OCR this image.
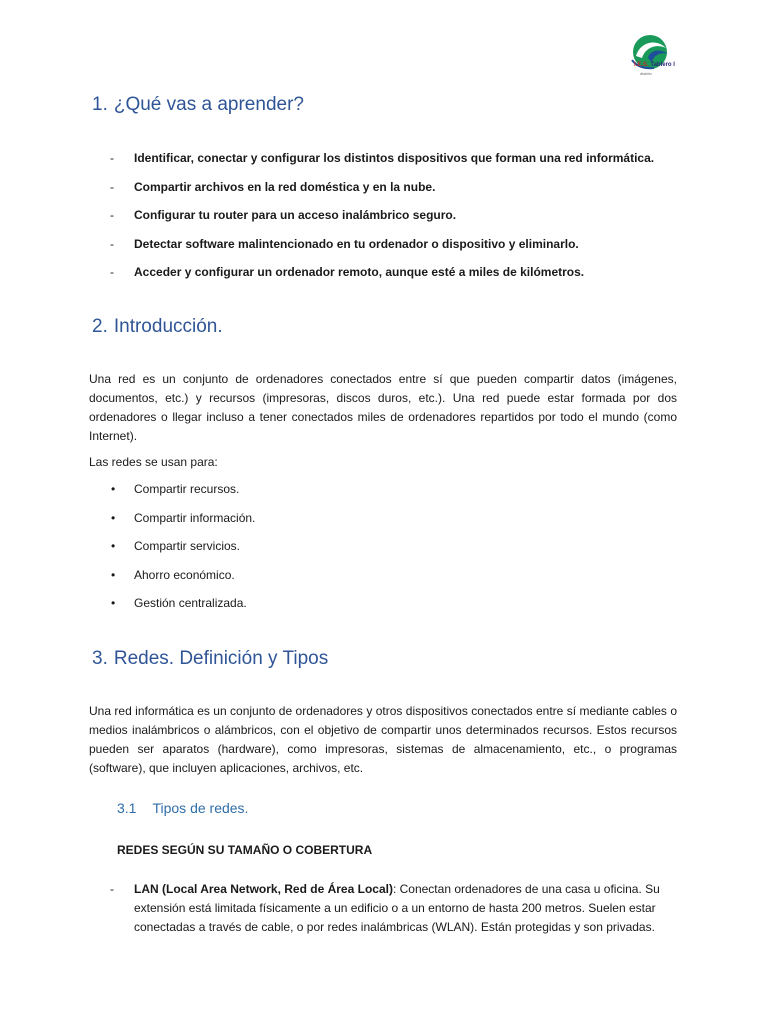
I.E.S. Tablero I
distrito
1. ¿Qué vas a aprender?
- Identificar, conectar y configurar los distintos dispositivos que forman una red informática.
- Compartir archivos en la red doméstica y en la nube.
- Configurar tu router para un acceso inalámbrico seguro.
- Detectar software malintencionado en tu ordenador o dispositivo y eliminarlo.
- Acceder y configurar un ordenador remoto, aunque esté a miles de kilómetros.
2. Introducción.

Una red es un conjunto de ordenadores conectados entre sí que pueden compartir datos (imágenes, documentos, etc.) y recursos (impresoras, discos duros, etc.). Una red puede estar formada por dos ordenadores o llegar incluso a tener conectados miles de ordenadores repartidos por todo el mundo (como Internet).

Las redes se usan para:
• Compartir recursos.
• Compartir información.
• Compartir servicios.
• Ahorro económico.
• Gestión centralizada.
3. Redes. Definición y Tipos

Una red informática es un conjunto de ordenadores y otros dispositivos conectados entre sí mediante cables o medios inalámbricos o alámbricos, con el objetivo de compartir unos determinados recursos. Estos recursos pueden ser aparatos (hardware), como impresoras, sistemas de almacenamiento, etc., o programas (software), que incluyen aplicaciones, archivos, etc.

3.1 Tipos de redes.
REDES SEGÚN SU TAMAÑO O COBERTURA

- LAN (Local Area Network, Red de Área Local): Conectan ordenadores de una casa u oficina. Su extensión está limitada físicamente a un edificio o a un entorno de hasta 200 metros. Suelen estar conectadas a través de cable, o por redes inalámbricas (WLAN). Están protegidas y son privadas.
